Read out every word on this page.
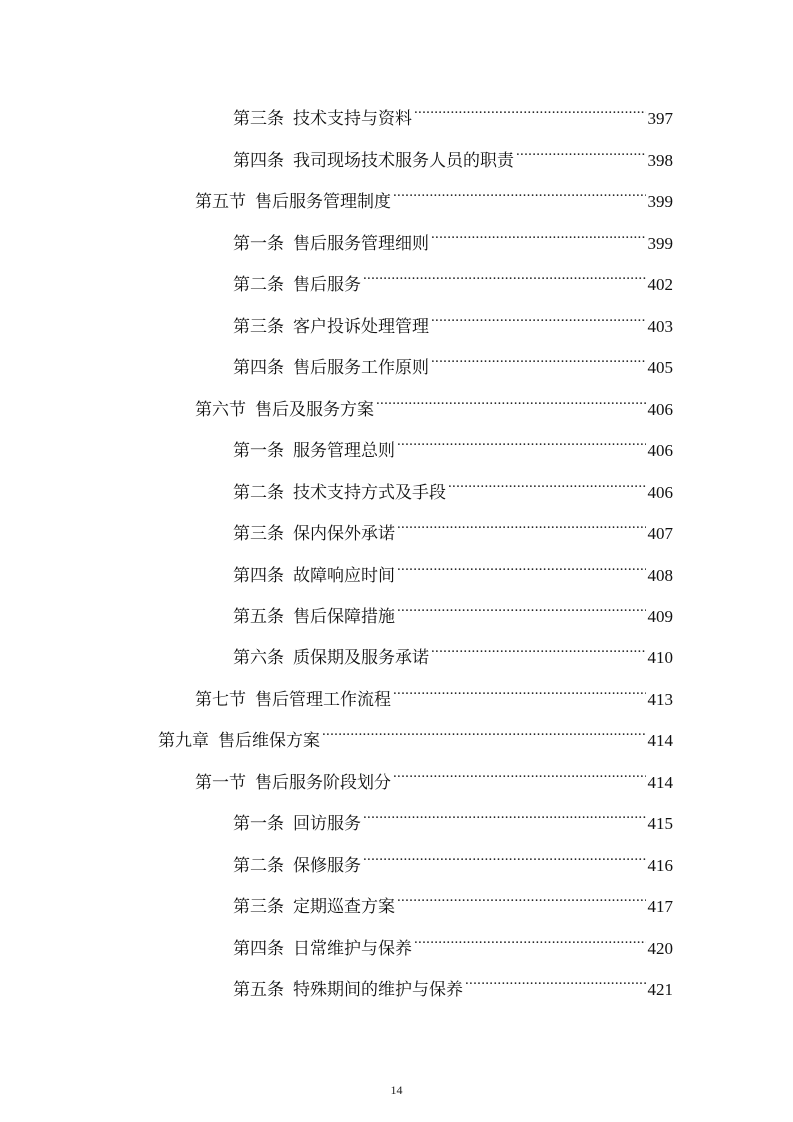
第三条 技术支持与资料 .....	397
第四条 我司现场技术服务人员的职责 .....	398
第五节 售后服务管理制度 .....	399
第一条 售后服务管理细则 .....	399
第二条 售后服务 .....	402
第三条 客户投诉处理管理 .....	403
第四条 售后服务工作原则 .....	405
第六节 售后及服务方案 .....	406
第一条 服务管理总则 .....	406
第二条 技术支持方式及手段 .....	406
第三条 保内保外承诺 .....	407
第四条 故障响应时间 .....	408
第五条 售后保障措施 .....	409
第六条 质保期及服务承诺 .....	410
第七节 售后管理工作流程 .....	413
第九章 售后维保方案 .....	414
第一节 售后服务阶段划分 .....	414
第一条 回访服务 .....	415
第二条 保修服务 .....	416
第三条 定期巡查方案 .....	417
第四条 日常维护与保养 .....	420
第五条 特殊期间的维护与保养 .....	421
14
